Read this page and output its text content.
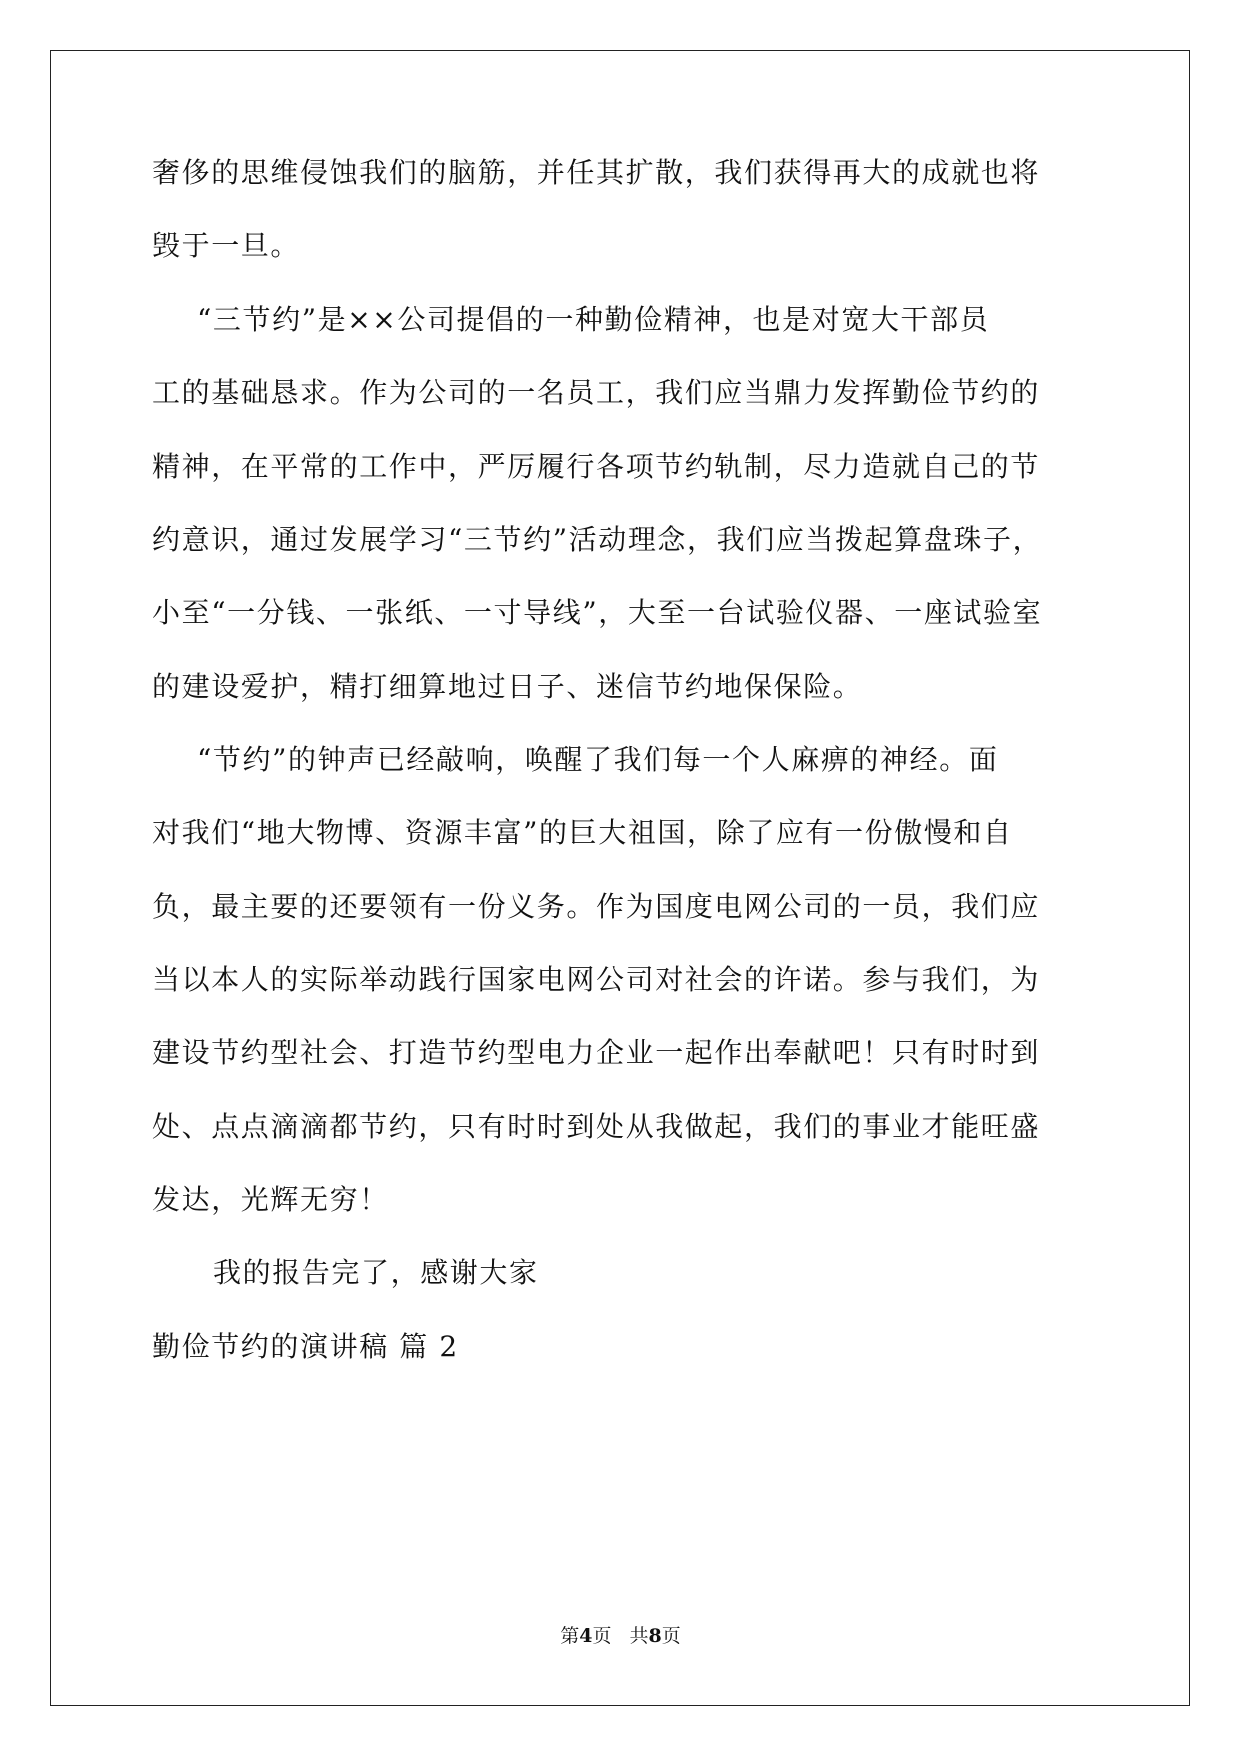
奢侈的思维侵蚀我们的脑筋，并任其扩散，我们获得再大的成就也将
毁于一旦。
“三节约”是××公司提倡的一种勤俭精神，也是对宽大干部员
工的基础恳求。作为公司的一名员工，我们应当鼎力发挥勤俭节约的
精神，在平常的工作中，严厉履行各项节约轨制，尽力造就自己的节
约意识，通过发展学习“三节约”活动理念，我们应当拨起算盘珠子，
小至“一分钱、一张纸、一寸导线”，大至一台试验仪器、一座试验室
的建设爱护，精打细算地过日子、迷信节约地保保险。
“节约”的钟声已经敲响，唤醒了我们每一个人麻痹的神经。面
对我们“地大物博、资源丰富”的巨大祖国，除了应有一份傲慢和自
负，最主要的还要领有一份义务。作为国度电网公司的一员，我们应
当以本人的实际举动践行国家电网公司对社会的许诺。参与我们，为
建设节约型社会、打造节约型电力企业一起作出奉献吧！只有时时到
处、点点滴滴都节约，只有时时到处从我做起，我们的事业才能旺盛
发达，光辉无穷！
我的报告完了，感谢大家
勤俭节约的演讲稿 篇 2
第4页 共8页
